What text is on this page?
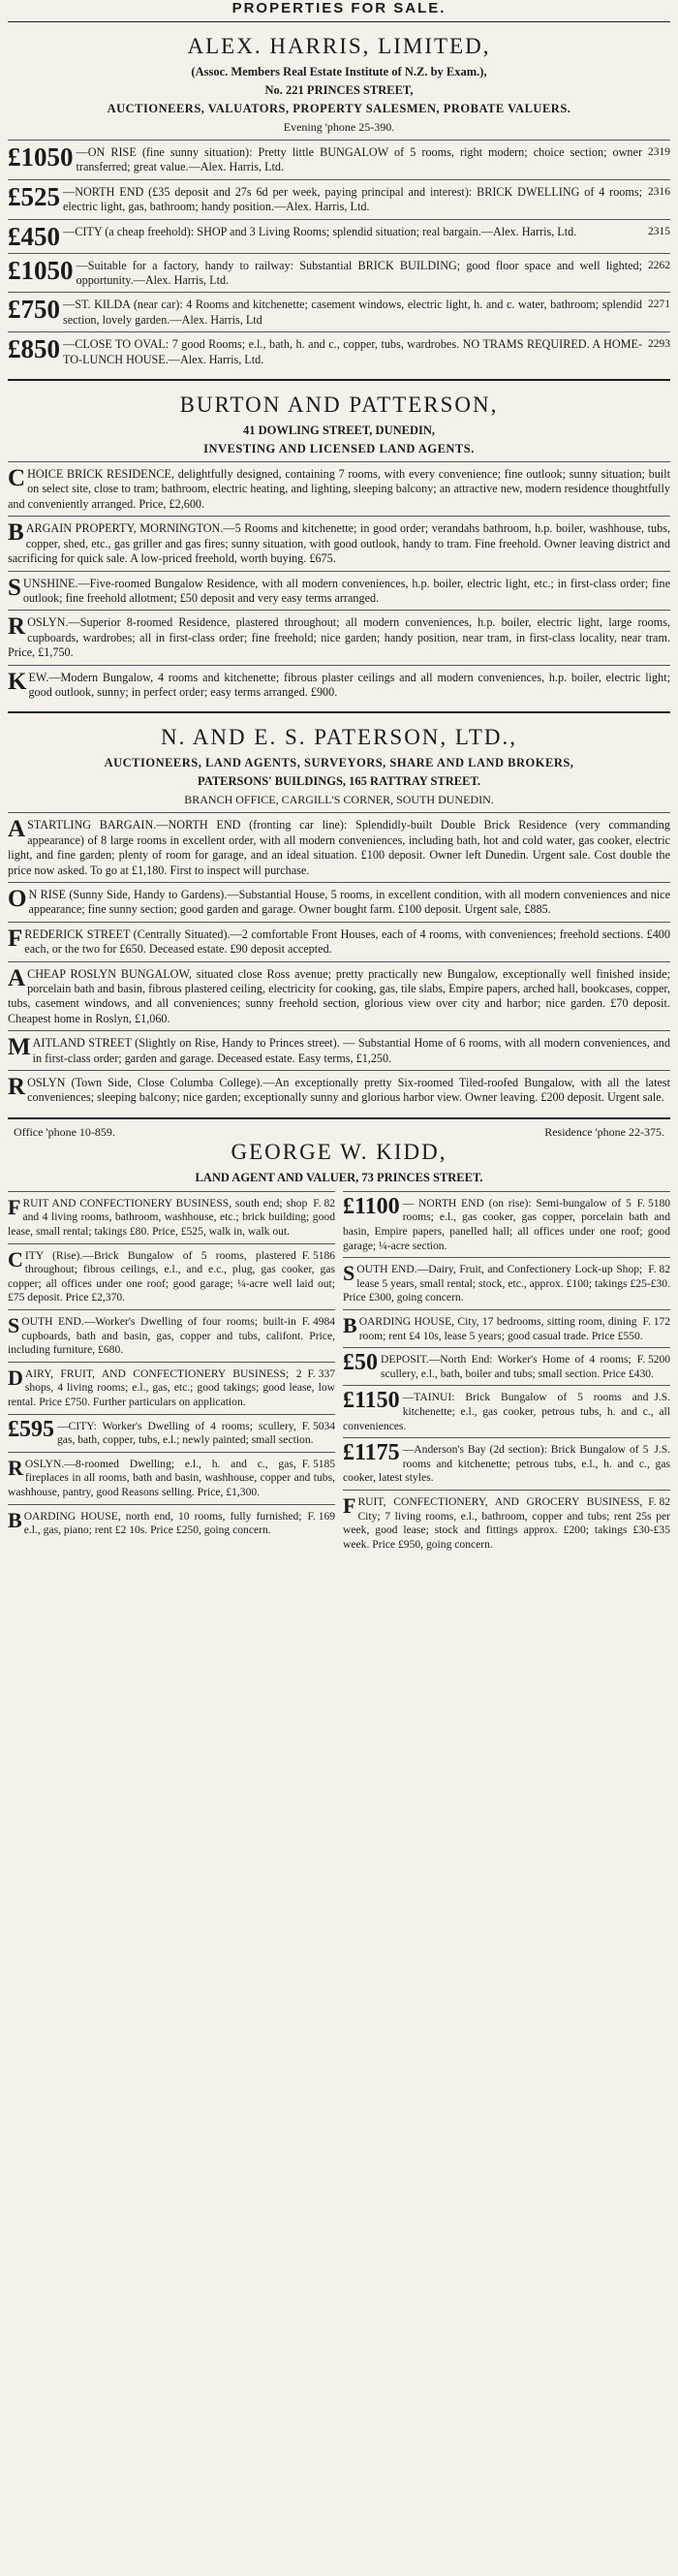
PROPERTIES FOR SALE.
ALEX. HARRIS, LIMITED,
(Assoc. Members Real Estate Institute of N.Z. by Exam.),
No. 221 PRINCES STREET,
AUCTIONEERS, VALUATORS, PROPERTY SALESMEN, PROBATE VALUERS.
Evening 'phone 25-390.
2319
£1050 —ON RISE (fine sunny situation): Pretty little BUNGALOW of 5 rooms, right modern; choice section; owner transferred; great value.—Alex. Harris, Ltd.
2316
£525 —NORTH END (£35 deposit and 27s 6d per week, paying principal and interest): BRICK DWELLING of 4 rooms; electric light, gas, bathroom; handy position.—Alex. Harris, Ltd.
2315
£450 —CITY (a cheap freehold): SHOP and 3 Living Rooms; splendid situation; real bargain.—Alex. Harris, Ltd.
2262
£1050 —Suitable for a factory, handy to railway: Substantial BRICK BUILDING; good floor space and well lighted; opportunity.—Alex. Harris, Ltd.
2271
£750 —ST. KILDA (near car): 4 Rooms and kitchenette; casement windows, electric light, h. and c. water, bathroom; splendid section, lovely garden.—Alex. Harris, Ltd
2293
£850 —CLOSE TO OVAL: 7 good Rooms; e.l., bath, h. and c., copper, tubs, wardrobes. NO TRAMS REQUIRED. A HOME-TO-LUNCH HOUSE.—Alex. Harris, Ltd.
BURTON AND PATTERSON,
41 DOWLING STREET, DUNEDIN,
INVESTING AND LICENSED LAND AGENTS.
CHOICE BRICK RESIDENCE, delightfully designed, containing 7 rooms, with every convenience; fine outlook; sunny situation; built on select site, close to tram; bathroom, electric heating, and lighting, sleeping balcony; an attractive new, modern residence thoughtfully and conveniently arranged. Price, £2,600.
BARGAIN PROPERTY, MORNINGTON.—5 Rooms and kitchenette; in good order; verandahs bathroom, h.p. boiler, washhouse, tubs, copper, shed, etc., gas griller and gas fires; sunny situation, with good outlook, handy to tram. Fine freehold. Owner leaving district and sacrificing for quick sale. A low-priced freehold, worth buying. £675.
SUNSHINE.—Five-roomed Bungalow Residence, with all modern conveniences, h.p. boiler, electric light, etc.; in first-class order; fine outlook; fine freehold allotment; £50 deposit and very easy terms arranged.
ROSLYN.—Superior 8-roomed Residence, plastered throughout; all modern conveniences, h.p. boiler, electric light, large rooms, cupboards, wardrobes; all in first-class order; fine freehold; nice garden; handy position, near tram, in first-class locality, near tram. Price, £1,750.
KEW.—Modern Bungalow, 4 rooms and kitchenette; fibrous plaster ceilings and all modern conveniences, h.p. boiler, electric light; good outlook, sunny; in perfect order; easy terms arranged. £900.
N. AND E. S. PATERSON, LTD.,
AUCTIONEERS, LAND AGENTS, SURVEYORS, SHARE AND LAND BROKERS,
PATERSONS' BUILDINGS, 165 RATTRAY STREET.
BRANCH OFFICE, CARGILL'S CORNER, SOUTH DUNEDIN.
ASTARTLING BARGAIN.—NORTH END (fronting car line): Splendidly-built Double Brick Residence (very commanding appearance) of 8 large rooms in excellent order, with all modern conveniences, including bath, hot and cold water, gas cooker, electric light, and fine garden; plenty of room for garage, and an ideal situation. £100 deposit. Owner left Dunedin. Urgent sale. Cost double the price now asked. To go at £1,180. First to inspect will purchase.
O N RISE (Sunny Side, Handy to Gardens).—Substantial House, 5 rooms, in excellent condition, with all modern conveniences and nice appearance; fine sunny section; good garden and garage. Owner bought farm. £100 deposit. Urgent sale, £885.
FREDERICK STREET (Centrally Situated).—2 comfortable Front Houses, each of 4 rooms, with conveniences; freehold sections. £400 each, or the two for £650. Deceased estate. £90 deposit accepted.
ACHEAP ROSLYN BUNGALOW, situated close Ross avenue; pretty practically new Bungalow, exceptionally well finished inside; porcelain bath and basin, fibrous plastered ceiling, electricity for cooking, gas, tile slabs, Empire papers, arched hall, bookcases, copper, tubs, casement windows, and all conveniences; sunny freehold section, glorious view over city and harbor; nice garden. £70 deposit. Cheapest home in Roslyn, £1,060.
MAITLAND STREET (Slightly on Rise, Handy to Princes street). — Substantial Home of 6 rooms, with all modern conveniences, and in first-class order; garden and garage. Deceased estate. Easy terms, £1,250.
ROSLYN (Town Side, Close Columba College).—An exceptionally pretty Six-roomed Tiled-roofed Bungalow, with all the latest conveniences; sleeping balcony; nice garden; exceptionally sunny and glorious harbor view. Owner leaving. £200 deposit. Urgent sale.
Office 'phone 10-859.	Residence 'phone 22-375.
GEORGE W. KIDD,
LAND AGENT AND VALUER, 73 PRINCES STREET.
F. 82
F RUIT AND CONFECTIONERY BUSINESS, south end; shop and 4 living rooms, bathroom, washhouse, etc.; brick building; good lease, small rental; takings £80. Price, £525, walk in, walk out.
F. 5186
C ITY (Rise).—Brick Bungalow of 5 rooms, plastered throughout; fibrous ceilings, e.l., and e.c., plug, gas cooker, gas copper; all offices under one roof; good garage; ¼-acre well laid out; £75 deposit. Price £2,370.
F. 4984
S OUTH END.—Worker's Dwelling of four rooms; built-in cupboards, bath and basin, gas, copper and tubs, califont. Price, including furniture, £680.
F. 337
D AIRY, FRUIT, AND CONFECTIONERY BUSINESS; 2 shops, 4 living rooms; e.l., gas, etc.; good takings; good lease, low rental. Price £750. Further particulars on application.
F. 5034
£595 —CITY: Worker's Dwelling of 4 rooms; scullery, gas, bath, copper, tubs, e.l.; newly painted; small section.
F. 5185
R OSLYN.—8-roomed Dwelling; e.l., h. and c., gas, fireplaces in all rooms, bath and basin, washhouse, copper and tubs, washhouse, pantry, good Reasons selling. Price, £1,300.
F. 169
B OARDING HOUSE, north end, 10 rooms, fully furnished; e.l., gas, piano; rent £2 10s. Price £250, going concern.
F. 5180
£1100 — NORTH END (on rise): Semi-bungalow of 5 rooms; e.l., gas cooker, gas copper, porcelain bath and basin, Empire papers, panelled hall; all offices under one roof; good garage; ¼-acre section.
F. 82
S OUTH END.—Dairy, Fruit, and Confectionery Lock-up Shop; lease 5 years, small rental; stock, etc., approx. £100; takings £25-£30. Price £300, going concern.
F. 172
B OARDING HOUSE, City, 17 bedrooms, sitting room, dining room; rent £4 10s, lease 5 years; good casual trade. Price £550.
F. 5200
£50 DEPOSIT.—North End: Worker's Home of 4 rooms; scullery, e.l., bath, boiler and tubs; small section. Price £430.
J.S.
£1150 —TAINUI: Brick Bungalow of 5 rooms and kitchenette; e.l., gas cooker, petrous tubs, h. and c., all conveniences.
J.S.
£1175 —Anderson's Bay (2d section): Brick Bungalow of 5 rooms and kitchenette; petrous tubs, e.l., h. and c., gas cooker, latest styles.
F. 82
F RUIT, CONFECTIONERY, AND GROCERY BUSINESS, City; 7 living rooms, e.l., bathroom, copper and tubs; rent 25s per week, good lease; stock and fittings approx. £200; takings £30-£35 week. Price £950, going concern.
